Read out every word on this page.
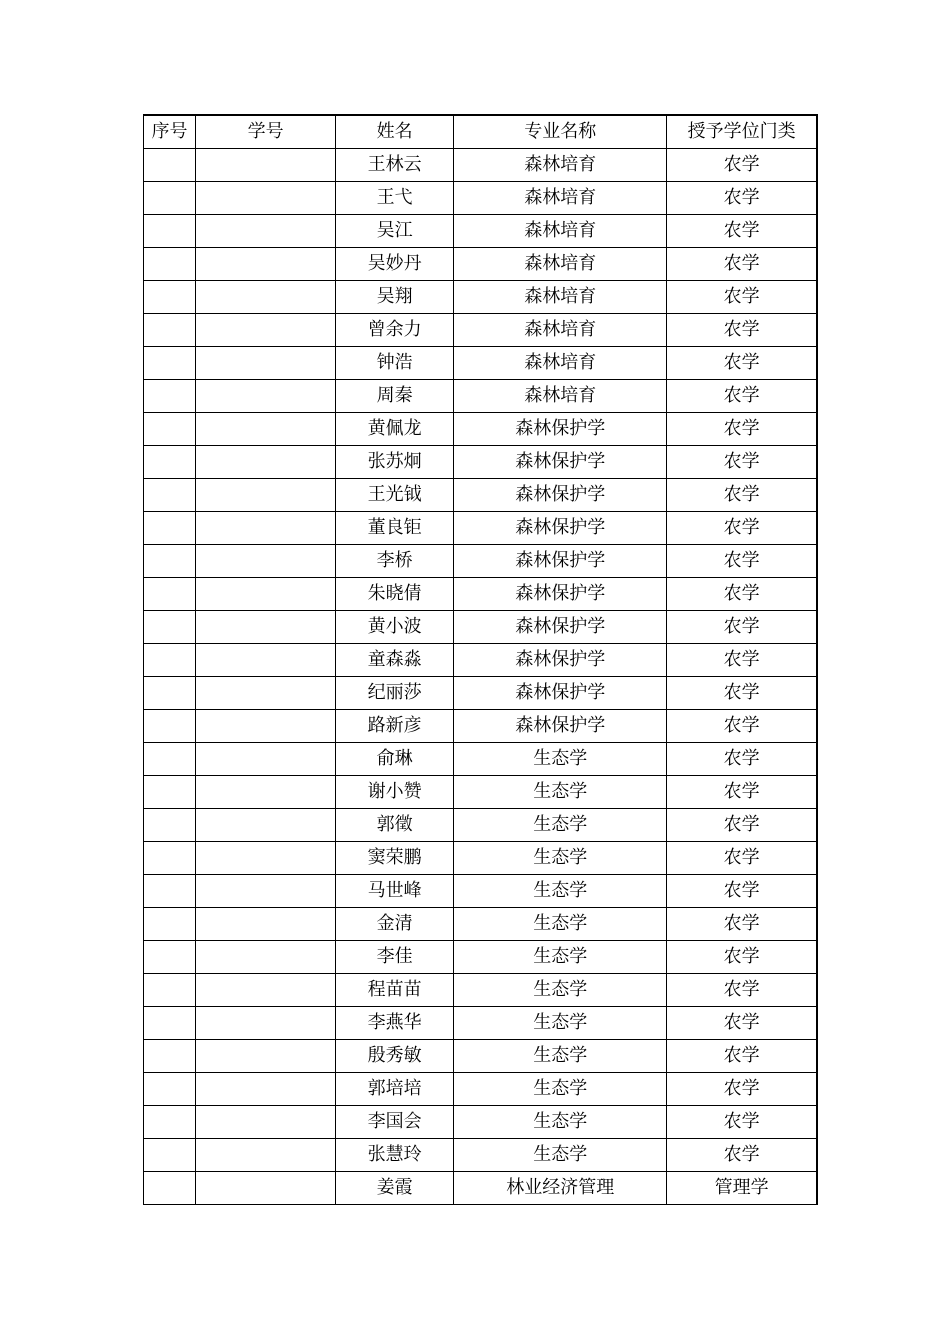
序号	学号	姓名	专业名称	授予学位门类
		王林云	森林培育	农学
		王弋	森林培育	农学
		吴江	森林培育	农学
		吴妙丹	森林培育	农学
		吴翔	森林培育	农学
		曾余力	森林培育	农学
		钟浩	森林培育	农学
		周秦	森林培育	农学
		黄佩龙	森林保护学	农学
		张苏炯	森林保护学	农学
		王光钺	森林保护学	农学
		董良钜	森林保护学	农学
		李桥	森林保护学	农学
		朱晓倩	森林保护学	农学
		黄小波	森林保护学	农学
		童森淼	森林保护学	农学
		纪丽莎	森林保护学	农学
		路新彦	森林保护学	农学
		俞琳	生态学	农学
		谢小赞	生态学	农学
		郭徵	生态学	农学
		窦荣鹏	生态学	农学
		马世峰	生态学	农学
		金清	生态学	农学
		李佳	生态学	农学
		程苗苗	生态学	农学
		李燕华	生态学	农学
		殷秀敏	生态学	农学
		郭培培	生态学	农学
		李国会	生态学	农学
		张慧玲	生态学	农学
		姜霞	林业经济管理	管理学
